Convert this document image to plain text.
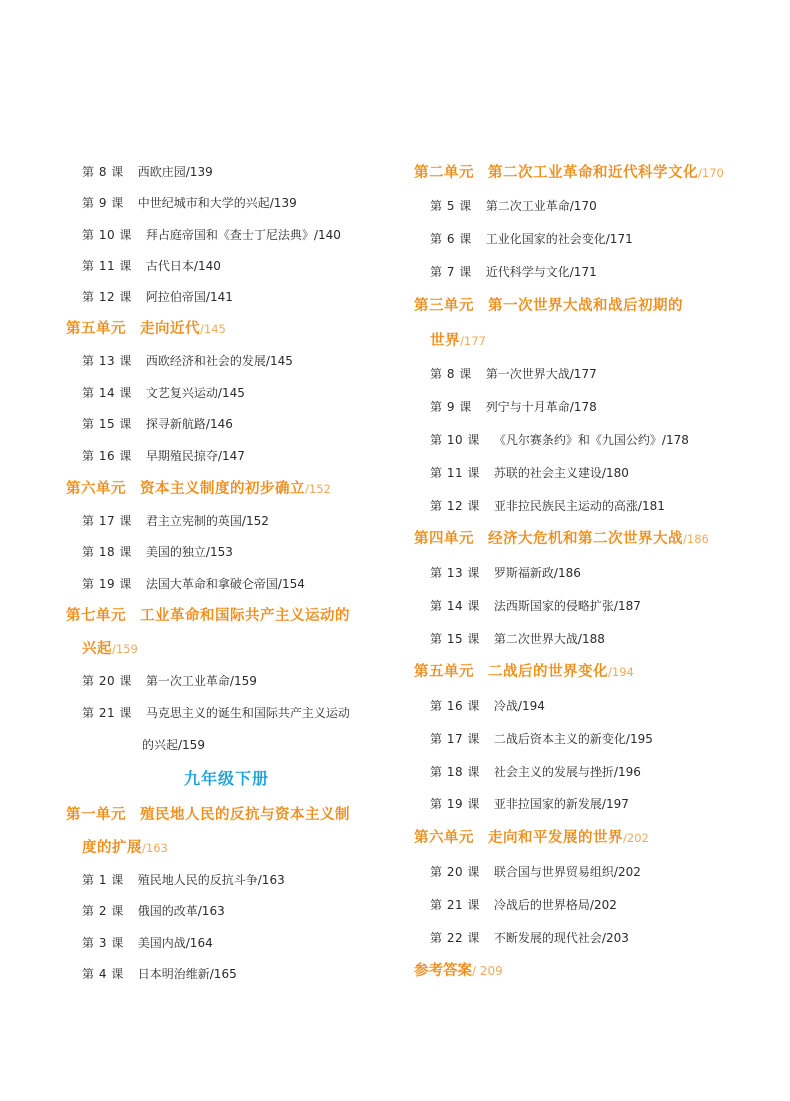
第 8 课 西欧庄园/139
第 9 课 中世纪城市和大学的兴起/139
第 10 课 拜占庭帝国和《查士丁尼法典》/140
第 11 课 古代日本/140
第 12 课 阿拉伯帝国/141
第五单元 走向近代/145
第 13 课 西欧经济和社会的发展/145
第 14 课 文艺复兴运动/145
第 15 课 探寻新航路/146
第 16 课 早期殖民掠夺/147
第六单元 资本主义制度的初步确立/152
第 17 课 君主立宪制的英国/152
第 18 课 美国的独立/153
第 19 课 法国大革命和拿破仑帝国/154
第七单元 工业革命和国际共产主义运动的
兴起/159
第 20 课 第一次工业革命/159
第 21 课 马克思主义的诞生和国际共产主义运动
的兴起/159
九年级下册
第一单元 殖民地人民的反抗与资本主义制
度的扩展/163
第 1 课 殖民地人民的反抗斗争/163
第 2 课 俄国的改革/163
第 3 课 美国内战/164
第 4 课 日本明治维新/165
第二单元 第二次工业革命和近代科学文化/170
第 5 课 第二次工业革命/170
第 6 课 工业化国家的社会变化/171
第 7 课 近代科学与文化/171
第三单元 第一次世界大战和战后初期的
世界/177
第 8 课 第一次世界大战/177
第 9 课 列宁与十月革命/178
第 10 课 《凡尔赛条约》和《九国公约》/178
第 11 课 苏联的社会主义建设/180
第 12 课 亚非拉民族民主运动的高涨/181
第四单元 经济大危机和第二次世界大战/186
第 13 课 罗斯福新政/186
第 14 课 法西斯国家的侵略扩张/187
第 15 课 第二次世界大战/188
第五单元 二战后的世界变化/194
第 16 课 冷战/194
第 17 课 二战后资本主义的新变化/195
第 18 课 社会主义的发展与挫折/196
第 19 课 亚非拉国家的新发展/197
第六单元 走向和平发展的世界/202
第 20 课 联合国与世界贸易组织/202
第 21 课 冷战后的世界格局/202
第 22 课 不断发展的现代社会/203
参考答案/ 209
